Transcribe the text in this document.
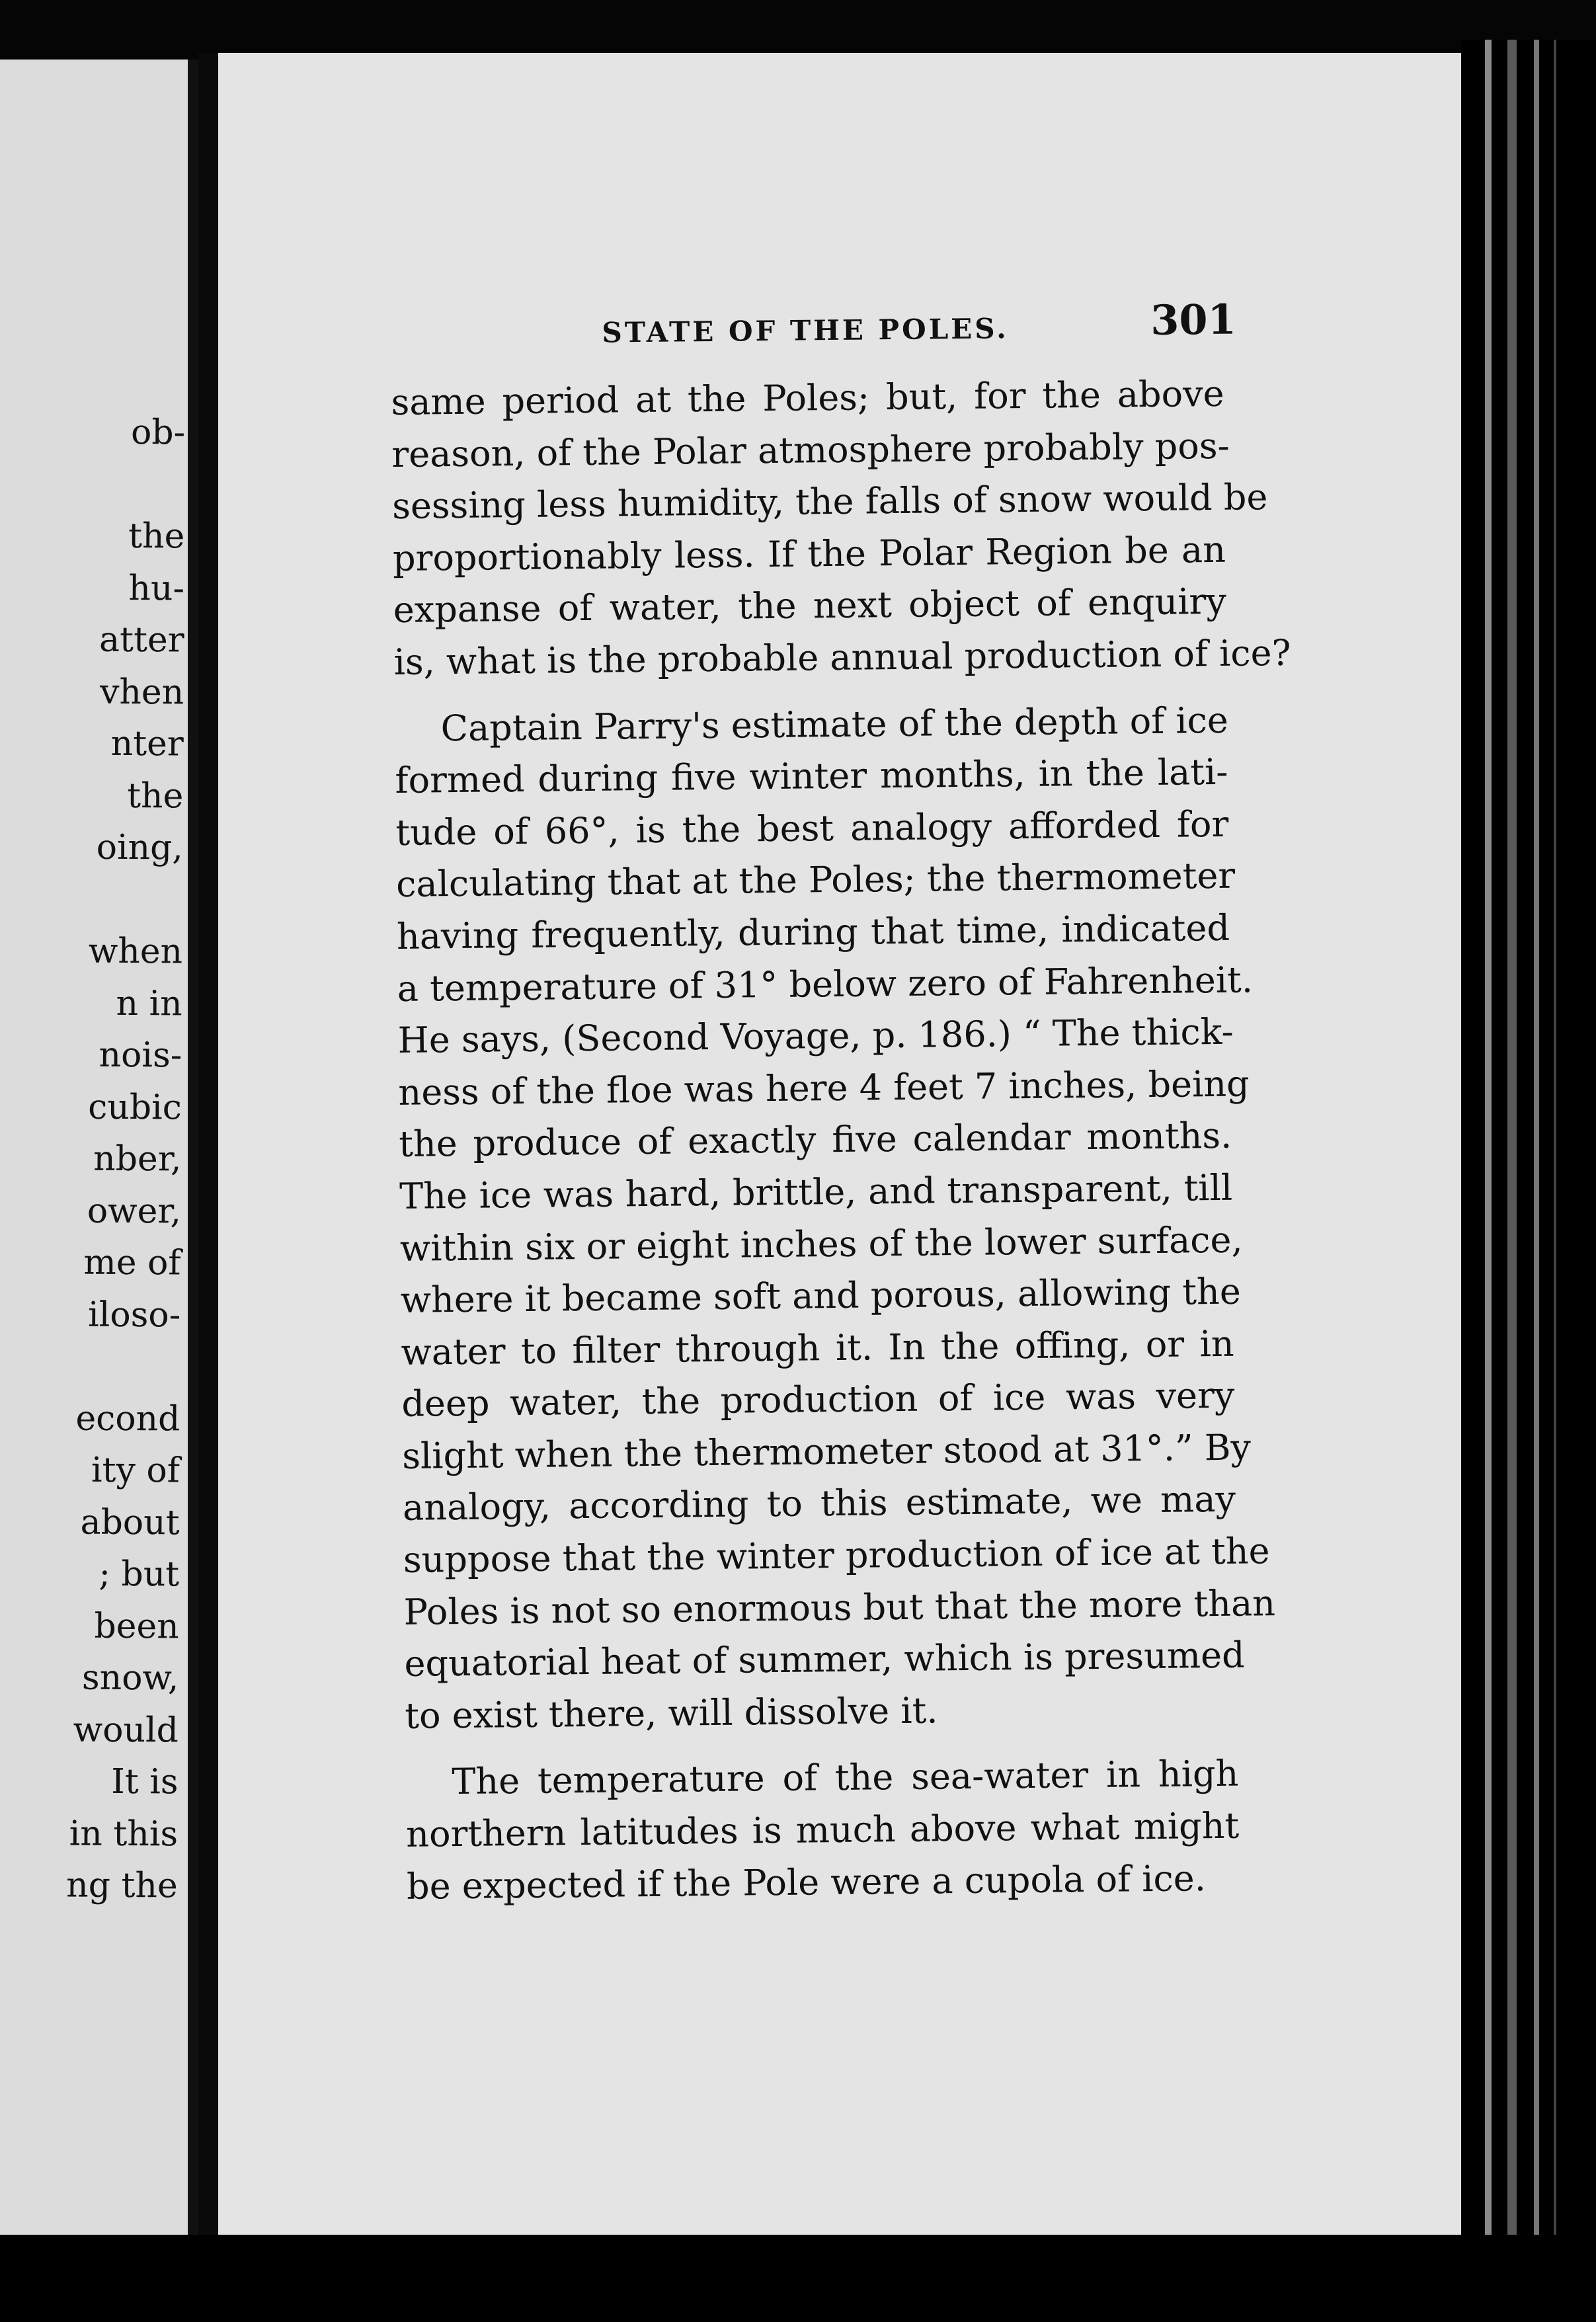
ob-
the
hu-
atter
vhen
nter
the
oing,
when
n in
nois-
cubic
nber,
ower,
me of
iloso-
econd
ity of
about
; but
been
snow,
would
It is
in this
ng the
STATE OF THE POLES.	301
same period at the Poles; but, for the above
reason, of the Polar atmosphere probably pos-
sessing less humidity, the falls of snow would be
proportionably less. If the Polar Region be an
expanse of water, the next object of enquiry
is, what is the probable annual production of ice?
Captain Parry's estimate of the depth of ice
formed during five winter months, in the lati-
tude of 66°, is the best analogy afforded for
calculating that at the Poles; the thermometer
having frequently, during that time, indicated
a temperature of 31° below zero of Fahrenheit.
He says, (Second Voyage, p. 186.) “ The thick-
ness of the floe was here 4 feet 7 inches, being
the produce of exactly five calendar months.
The ice was hard, brittle, and transparent, till
within six or eight inches of the lower surface,
where it became soft and porous, allowing the
water to filter through it. In the offing, or in
deep water, the production of ice was very
slight when the thermometer stood at 31°.” By
analogy, according to this estimate, we may
suppose that the winter production of ice at the
Poles is not so enormous but that the more than
equatorial heat of summer, which is presumed
to exist there, will dissolve it.
The temperature of the sea-water in high
northern latitudes is much above what might
be expected if the Pole were a cupola of ice.
